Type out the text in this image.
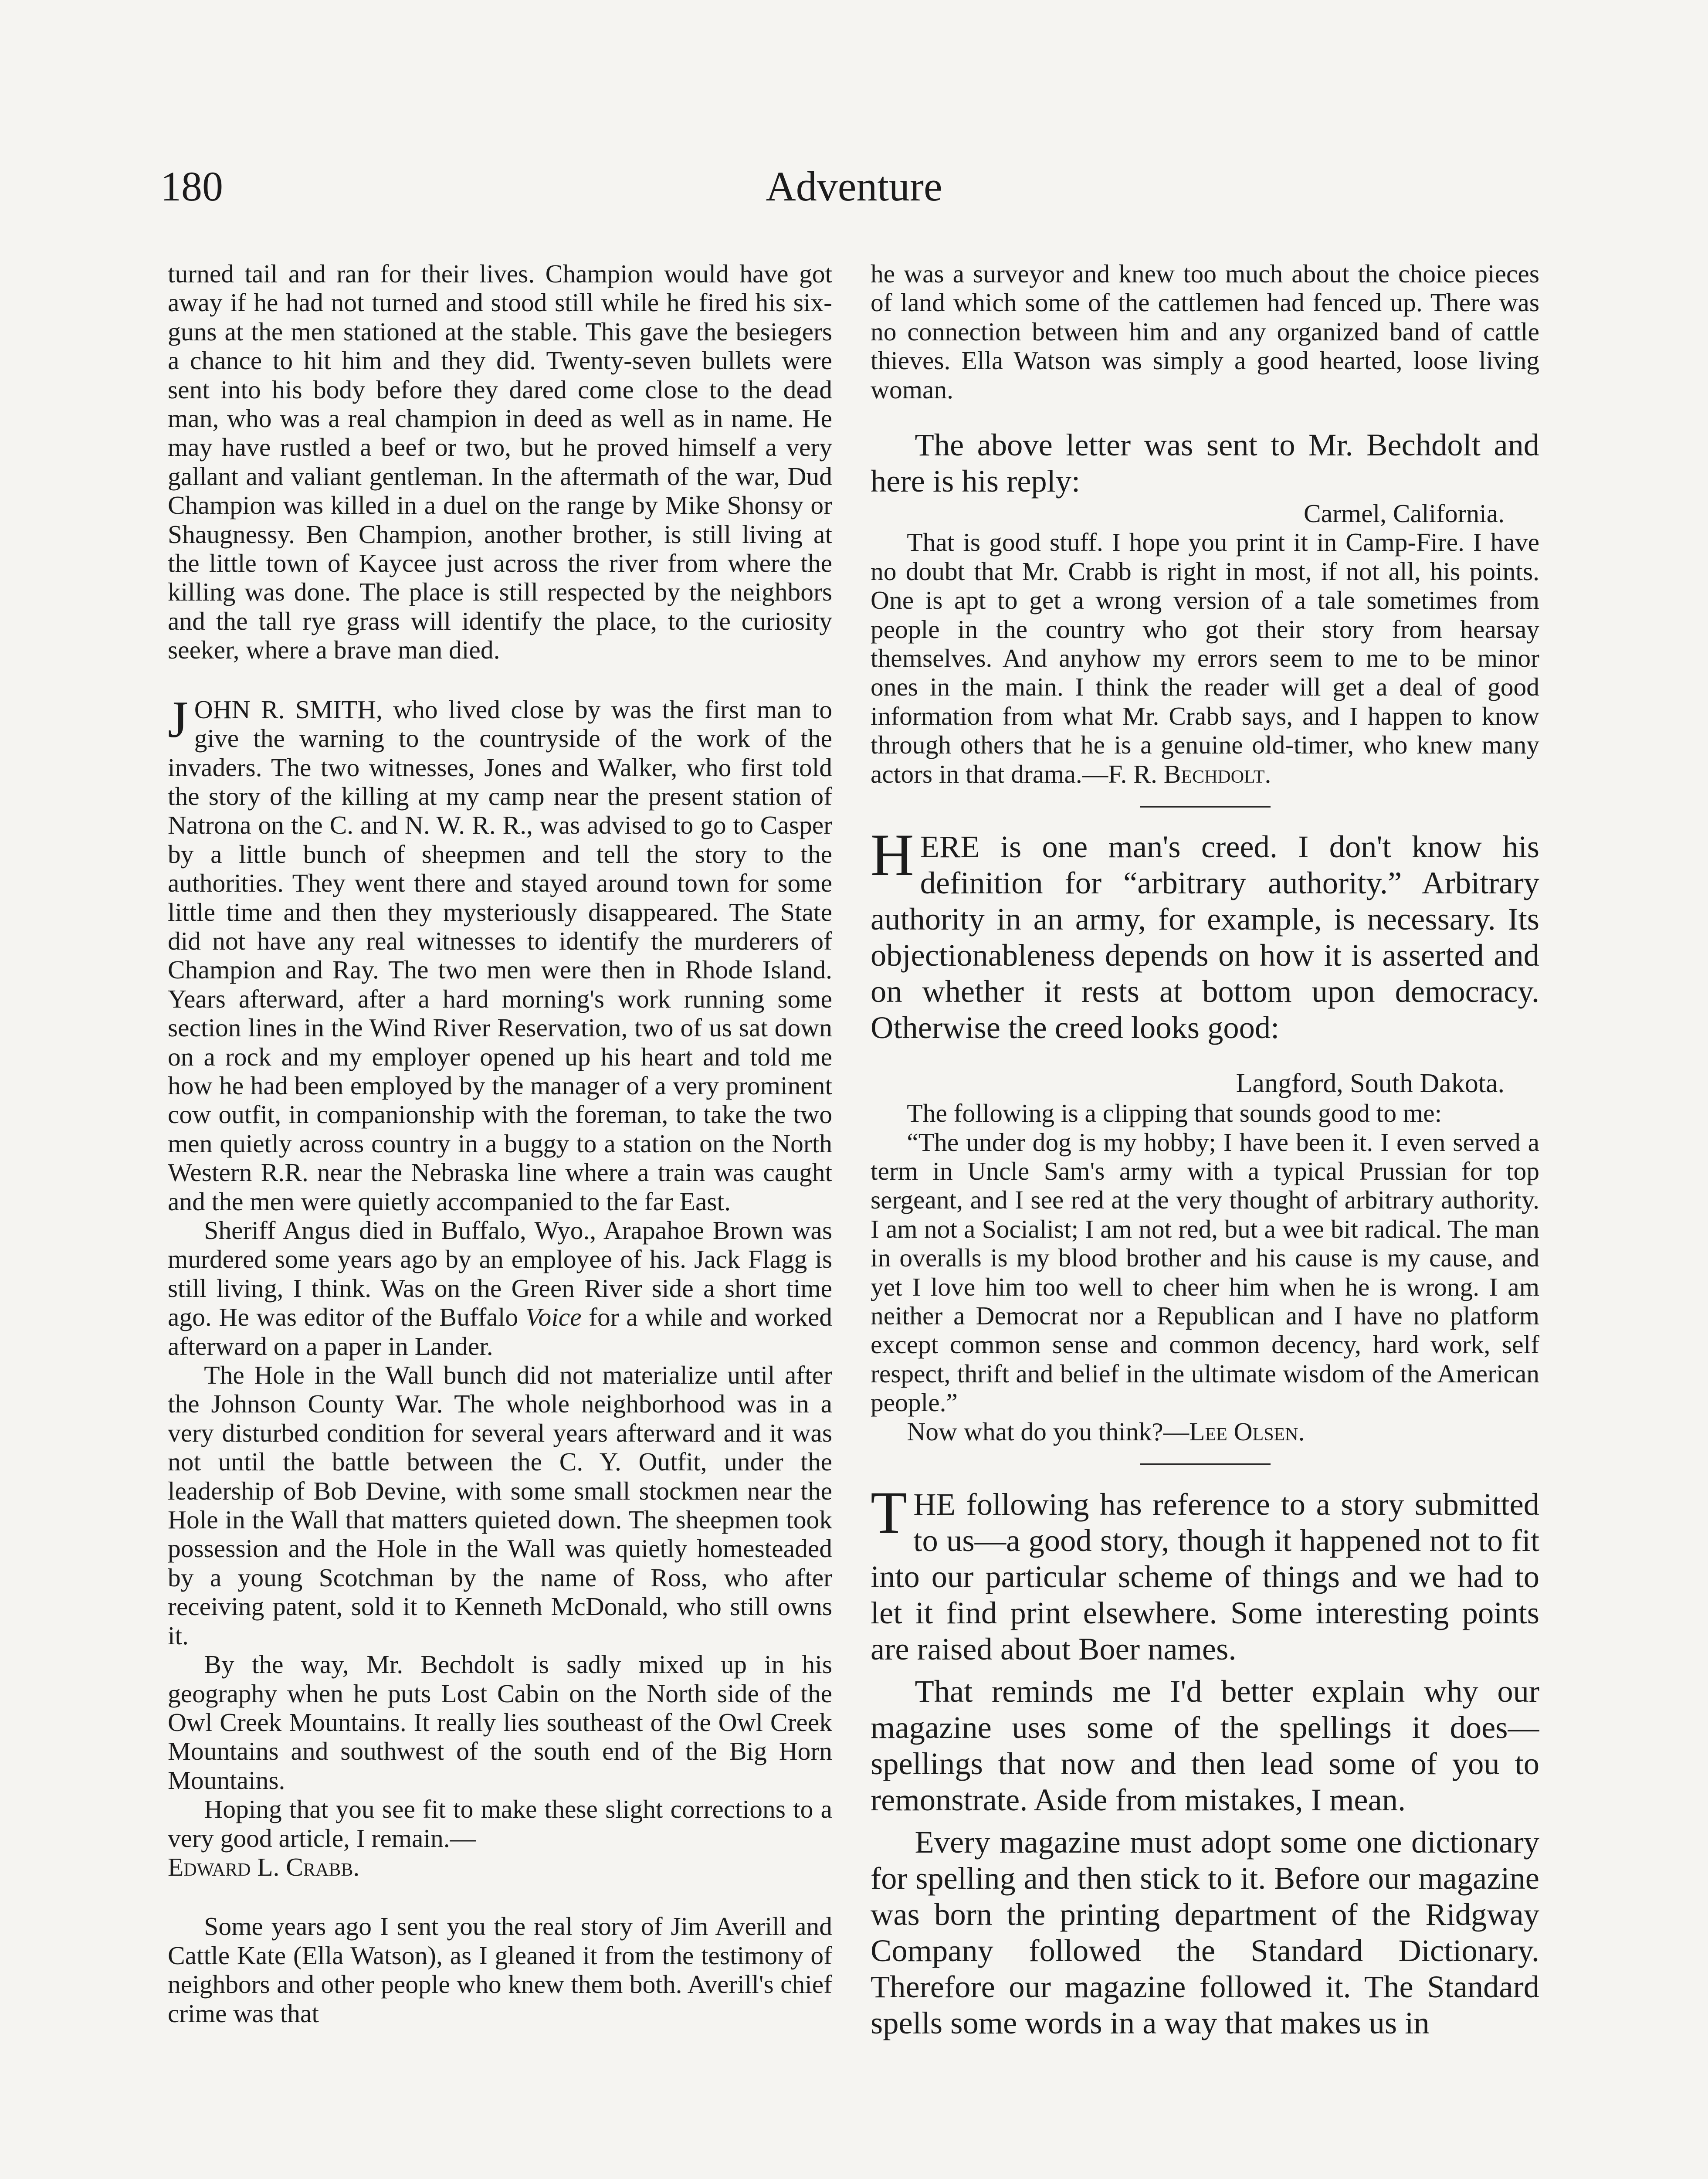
180	Adventure

turned tail and ran for their lives. Champion would have got away if he had not turned and stood still while he fired his six-guns at the men stationed at the stable. This gave the besiegers a chance to hit him and they did. Twenty-seven bullets were sent into his body before they dared come close to the dead man, who was a real champion in deed as well as in name. He may have rustled a beef or two, but he proved himself a very gallant and valiant gentleman. In the aftermath of the war, Dud Champion was killed in a duel on the range by Mike Shonsy or Shaugnessy. Ben Champion, another brother, is still living at the little town of Kaycee just across the river from where the killing was done. The place is still respected by the neighbors and the tall rye grass will identify the place, to the curiosity seeker, where a brave man died.

JOHN R. SMITH, who lived close by was the first man to give the warning to the countryside of the work of the invaders. The two witnesses, Jones and Walker, who first told the story of the killing at my camp near the present station of Natrona on the C. and N. W. R. R., was advised to go to Casper by a little bunch of sheepmen and tell the story to the authorities. They went there and stayed around town for some little time and then they mysteriously disappeared. The State did not have any real witnesses to identify the murderers of Champion and Ray. The two men were then in Rhode Island. Years afterward, after a hard morning's work running some section lines in the Wind River Reservation, two of us sat down on a rock and my employer opened up his heart and told me how he had been employed by the manager of a very prominent cow outfit, in companionship with the foreman, to take the two men quietly across country in a buggy to a station on the North Western R.R. near the Nebraska line where a train was caught and the men were quietly accompanied to the far East.

Sheriff Angus died in Buffalo, Wyo., Arapahoe Brown was murdered some years ago by an employee of his. Jack Flagg is still living, I think. Was on the Green River side a short time ago. He was editor of the Buffalo Voice for a while and worked afterward on a paper in Lander.

The Hole in the Wall bunch did not materialize until after the Johnson County War. The whole neighborhood was in a very disturbed condition for several years afterward and it was not until the battle between the C. Y. Outfit, under the leadership of Bob Devine, with some small stockmen near the Hole in the Wall that matters quieted down. The sheepmen took possession and the Hole in the Wall was quietly homesteaded by a young Scotchman by the name of Ross, who after receiving patent, sold it to Kenneth McDonald, who still owns it.

By the way, Mr. Bechdolt is sadly mixed up in his geography when he puts Lost Cabin on the North side of the Owl Creek Mountains. It really lies southeast of the Owl Creek Mountains and southwest of the south end of the Big Horn Mountains.

Hoping that you see fit to make these slight corrections to a very good article, I remain.—

Edward L. Crabb.

Some years ago I sent you the real story of Jim Averill and Cattle Kate (Ella Watson), as I gleaned it from the testimony of neighbors and other people who knew them both. Averill's chief crime was that

he was a surveyor and knew too much about the choice pieces of land which some of the cattlemen had fenced up. There was no connection between him and any organized band of cattle thieves. Ella Watson was simply a good hearted, loose living woman.

The above letter was sent to Mr. Bechdolt and here is his reply:

Carmel, California.

That is good stuff. I hope you print it in Camp-Fire. I have no doubt that Mr. Crabb is right in most, if not all, his points. One is apt to get a wrong version of a tale sometimes from people in the country who got their story from hearsay themselves. And anyhow my errors seem to me to be minor ones in the main. I think the reader will get a deal of good information from what Mr. Crabb says, and I happen to know through others that he is a genuine old-timer, who knew many actors in that drama.—F. R. Bechdolt.

HERE is one man's creed. I don't know his definition for “arbitrary authority.” Arbitrary authority in an army, for example, is necessary. Its objectionableness depends on how it is asserted and on whether it rests at bottom upon democracy. Otherwise the creed looks good:

Langford, South Dakota.

The following is a clipping that sounds good to me:

“The under dog is my hobby; I have been it. I even served a term in Uncle Sam's army with a typical Prussian for top sergeant, and I see red at the very thought of arbitrary authority. I am not a Socialist; I am not red, but a wee bit radical. The man in overalls is my blood brother and his cause is my cause, and yet I love him too well to cheer him when he is wrong. I am neither a Democrat nor a Republican and I have no platform except common sense and common decency, hard work, self respect, thrift and belief in the ultimate wisdom of the American people.”

Now what do you think?—Lee Olsen.

THE following has reference to a story submitted to us—a good story, though it happened not to fit into our particular scheme of things and we had to let it find print elsewhere. Some interesting points are raised about Boer names.

That reminds me I'd better explain why our magazine uses some of the spellings it does—spellings that now and then lead some of you to remonstrate. Aside from mistakes, I mean.

Every magazine must adopt some one dictionary for spelling and then stick to it. Before our magazine was born the printing department of the Ridgway Company followed the Standard Dictionary. Therefore our magazine followed it. The Standard spells some words in a way that makes us in
